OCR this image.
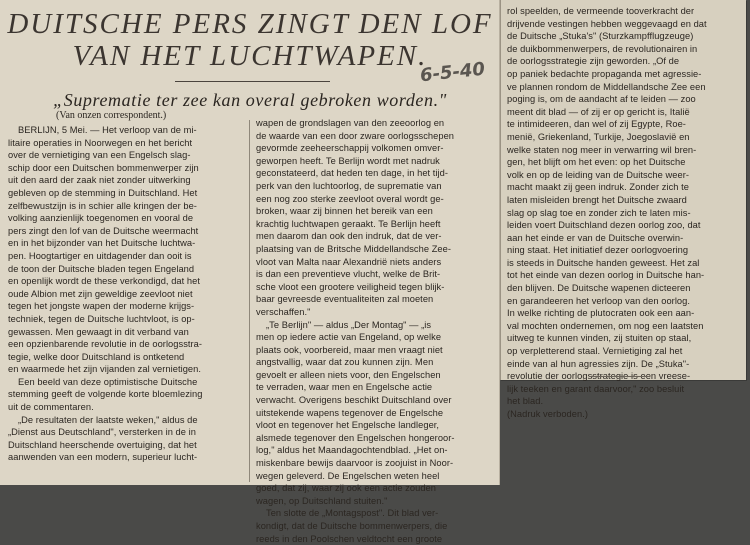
DUITSCHE PERS ZINGT DEN LOF
VAN HET LUCHTWAPEN.
6-5-40
„Suprematie ter zee kan overal gebroken worden."
(Van onzen correspondent.)

BERLIJN, 5 Mei. — Het verloop van de mi-
litaire operaties in Noorwegen en het bericht
over de vernietiging van een Engelsch slag-
schip door een Duitschen bommenwerper zijn
uit den aard der zaak niet zonder uitwerking
gebleven op de stemming in Duitschland. Het
zelfbewustzijn is in schier alle kringen der be-
volking aanzienlijk toegenomen en vooral de
pers zingt den lof van de Duitsche weermacht
en in het bijzonder van het Duitsche luchtwa-
pen. Hoogtartiger en uitdagender dan ooit is
de toon der Duitsche bladen tegen Engeland
en openlijk wordt de these verkondigd, dat het
oude Albion met zijn geweldige zeevloot niet
tegen het jongste wapen der moderne krijgs-
techniek, tegen de Duitsche luchtvloot, is op-
gewassen. Men gewaagt in dit verband van
een opzienbarende revolutie in de oorlogsstra-
tegie, welke door Duitschland is ontketend
en waarmede het zijn vijanden zal vernietigen.

Een beeld van deze optimistische Duitsche
stemming geeft de volgende korte bloemlezing
uit de commentaren.

„De resultaten der laatste weken," aldus de
„Dienst aus Deutschland", versterken in de in
Duitschland heerschende overtuiging, dat het
aanwenden van een modern, superieur lucht-

wapen de grondslagen van den zeeoorlog en
de waarde van een door zware oorlogsschepen
gevormde zeeheerschappij volkomen omver-
geworpen heeft. Te Berlijn wordt met nadruk
geconstateerd, dat heden ten dage, in het tijd-
perk van den luchtoorlog, de suprematie van
een nog zoo sterke zeevloot overal wordt ge-
broken, waar zij binnen het bereik van een
krachtig luchtwapen geraakt. Te Berlijn heeft
men daarom dan ook den indruk, dat de ver-
plaatsing van de Britsche Middellandsche Zee-
vloot van Malta naar Alexandrië niets anders
is dan een preventieve vlucht, welke de Brit-
sche vloot een grootere veiligheid tegen blijk-
baar gevreesde eventualiteiten zal moeten
verschaffen."

„Te Berlijn" — aldus „Der Montag" — „is
men op iedere actie van Engeland, op welke
plaats ook, voorbereid, maar men vraagt niet
angstvallig, waar dat zou kunnen zijn. Men
gevoelt er alleen niets voor, den Engelschen
te verraden, waar men en Engelsche actie
verwacht. Overigens beschikt Duitschland over
uitstekende wapens tegenover de Engelsche
vloot en tegenover het Engelsche landleger,
alsmede tegenover den Engelschen hongeroor-
log," aldus het Maandagochtendblad. „Het on-
miskenbare bewijs daarvoor is zoojuist in Noor-
wegen geleverd. De Engelschen weten heel
goed, dat zij, waar zij ook een actie zouden
wagen, op Duitschland stuiten."

Ten slotte de „Montagspost". Dit blad ver-
kondigt, dat de Duitsche bommenwerpers, die
reeds in den Poolschen veldtocht een groote

rol speelden, de vermeende tooverkracht der
drijvende vestingen hebben weggevaagd en dat
de Duitsche „Stuka's" (Sturzkampfflugzeuge)
de duikbommenwerpers, de revolutionairen in
de oorlogsstrategie zijn geworden. „Of de
op paniek bedachte propaganda met agressie-
ve plannen rondom de Middellandsche Zee een
poging is, om de aandacht af te leiden — zoo
meent dit blad — of zij er op gericht is, Italië
te intimideeren, dan wel of zij Egypte, Roe-
menië, Griekenland, Turkije, Joegoslavië en
welke staten nog meer in verwarring wil bren-
gen, het blijft om het even: op het Duitsche
volk en op de leiding van de Duitsche weer-
macht maakt zij geen indruk. Zonder zich te
laten misleiden brengt het Duitsche zwaard
slag op slag toe en zonder zich te laten mis-
leiden voert Duitschland dezen oorlog zoo, dat
aan het einde er van de Duitsche overwin-
ning staat. Het initiatief dezer oorlogvoering
is steeds in Duitsche handen geweest. Het zal
tot het einde van dezen oorlog in Duitsche han-
den blijven. De Duitsche wapenen dicteeren
en garandeeren het verloop van den oorlog.
In welke richting de plutocraten ook een aan-
val mochten ondernemen, om nog een laatsten
uitweg te kunnen vinden, zij stuiten op staal,
op verpletterend staal. Vernietiging zal het
einde van al hun agressies zijn. De „Stuka"-
revolutie der oorlogsstrategie is een vreese-
lijk teeken en garant daarvoor," zoo besluit
het blad.

(Nadruk verboden.)
